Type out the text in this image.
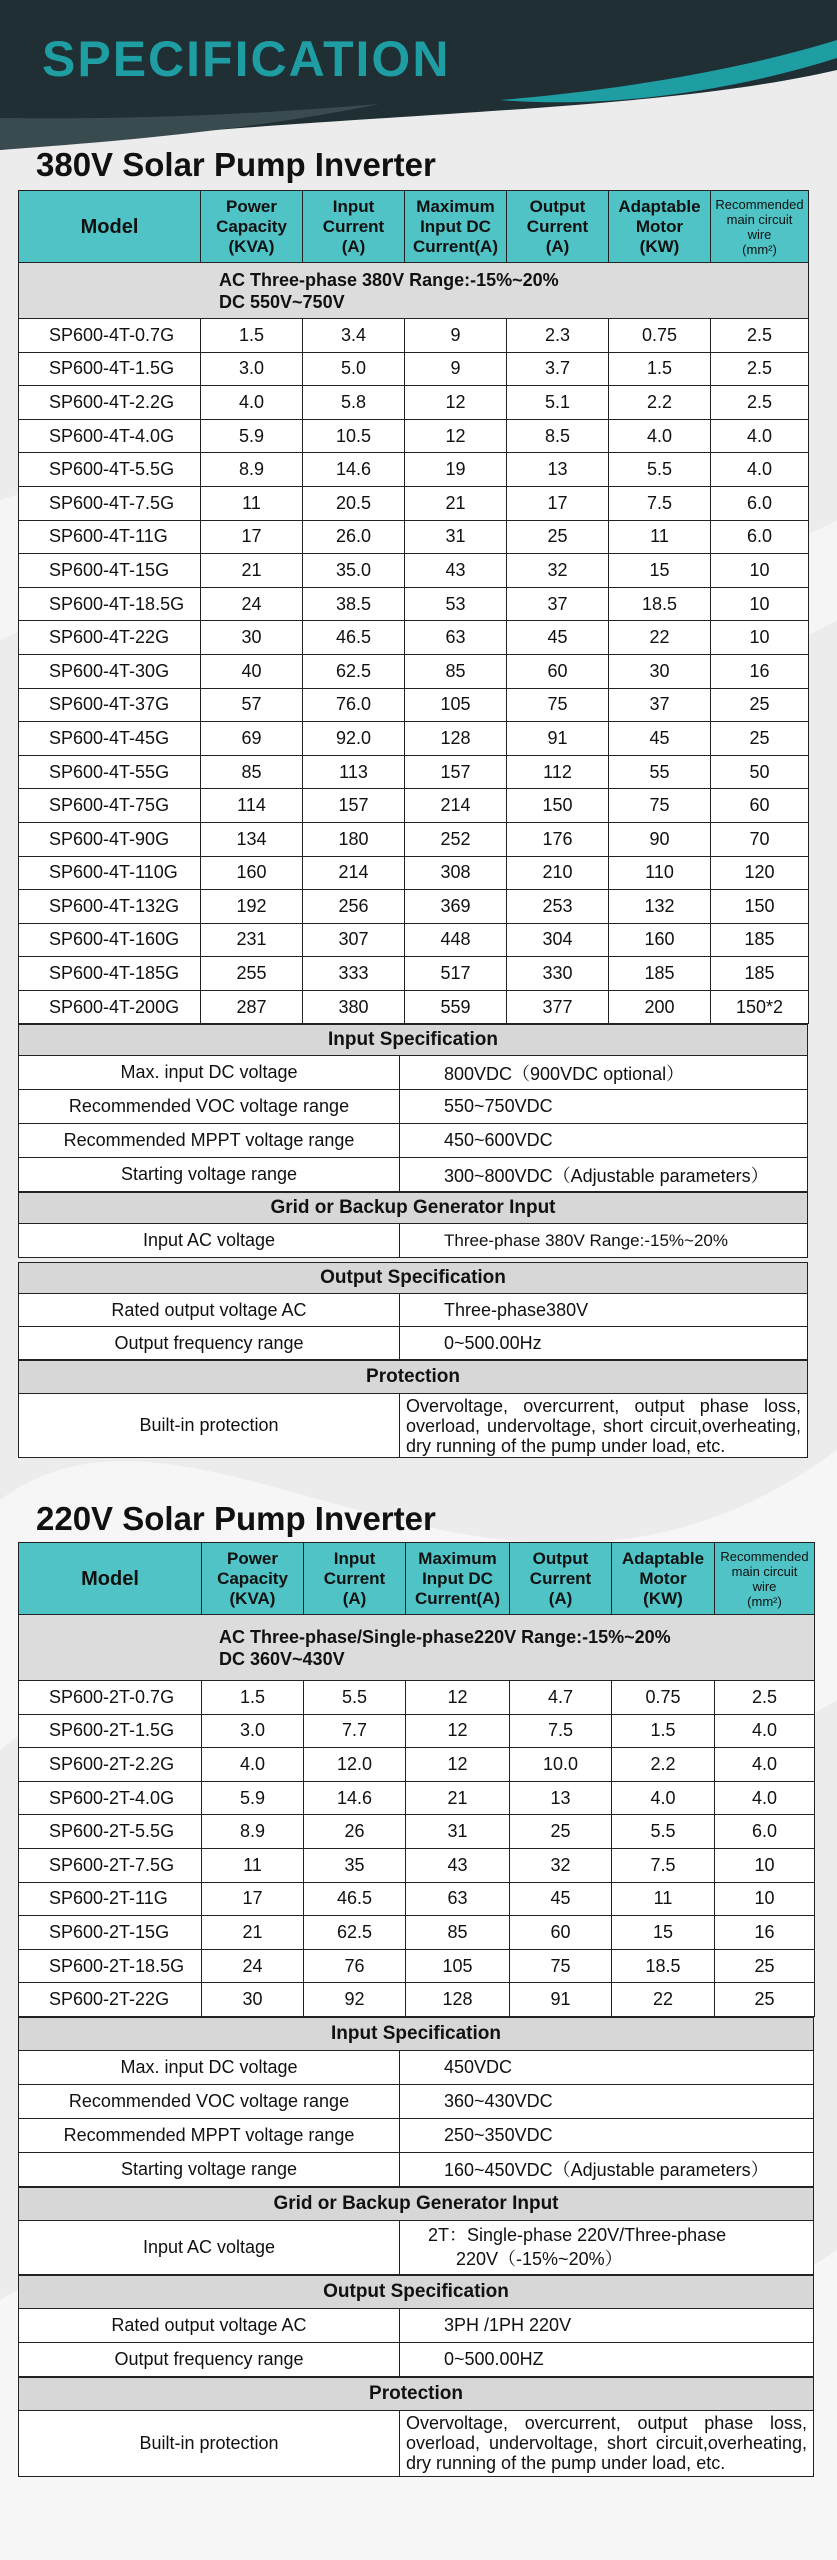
SPECIFICATION
380V Solar Pump Inverter
Model	Power
Capacity
(KVA)	Input
Current
(A)	Maximum
Input DC
Current(A)	Output
Current
(A)	Adaptable
Motor
(KW)	Recommended
main circuit
wire
(mm²)

AC Three-phase 380V Range:-15%~20%
DC 550V~750V						
SP600-4T-0.7G	1.5	3.4	9	2.3	0.75	2.5
SP600-4T-1.5G	3.0	5.0	9	3.7	1.5	2.5
SP600-4T-2.2G	4.0	5.8	12	5.1	2.2	2.5
SP600-4T-4.0G	5.9	10.5	12	8.5	4.0	4.0
SP600-4T-5.5G	8.9	14.6	19	13	5.5	4.0
SP600-4T-7.5G	11	20.5	21	17	7.5	6.0
SP600-4T-11G	17	26.0	31	25	11	6.0
SP600-4T-15G	21	35.0	43	32	15	10
SP600-4T-18.5G	24	38.5	53	37	18.5	10
SP600-4T-22G	30	46.5	63	45	22	10
SP600-4T-30G	40	62.5	85	60	30	16
SP600-4T-37G	57	76.0	105	75	37	25
SP600-4T-45G	69	92.0	128	91	45	25
SP600-4T-55G	85	113	157	112	55	50
SP600-4T-75G	114	157	214	150	75	60
SP600-4T-90G	134	180	252	176	90	70
SP600-4T-110G	160	214	308	210	110	120
SP600-4T-132G	192	256	369	253	132	150
SP600-4T-160G	231	307	448	304	160	185
SP600-4T-185G	255	333	517	330	185	185
SP600-4T-200G	287	380	559	377	200	150*2
Input Specification
Max. input DC voltage	800VDC（900VDC optional）
Recommended VOC voltage range	550~750VDC
Recommended MPPT voltage range	450~600VDC
Starting voltage range	300~800VDC（Adjustable parameters）
Grid or Backup Generator Input
Input AC voltage	Three-phase 380V Range:-15%~20%
Output Specification
Rated output voltage AC	Three-phase380V
Output frequency range	0~500.00Hz
Protection
Built-in protection	Overvoltage, overcurrent, output phase loss, overload, undervoltage, short circuit,overheating, dry running of the pump under load, etc.
220V Solar Pump Inverter
Model	Power
Capacity
(KVA)	Input
Current
(A)	Maximum
Input DC
Current(A)	Output
Current
(A)	Adaptable
Motor
(KW)	Recommended
main circuit
wire
(mm²)

AC Three-phase/Single-phase220V Range:-15%~20%
DC 360V~430V						
SP600-2T-0.7G	1.5	5.5	12	4.7	0.75	2.5
SP600-2T-1.5G	3.0	7.7	12	7.5	1.5	4.0
SP600-2T-2.2G	4.0	12.0	12	10.0	2.2	4.0
SP600-2T-4.0G	5.9	14.6	21	13	4.0	4.0
SP600-2T-5.5G	8.9	26	31	25	5.5	6.0
SP600-2T-7.5G	11	35	43	32	7.5	10
SP600-2T-11G	17	46.5	63	45	11	10
SP600-2T-15G	21	62.5	85	60	15	16
SP600-2T-18.5G	24	76	105	75	18.5	25
SP600-2T-22G	30	92	128	91	22	25
Input Specification
Max. input DC voltage	450VDC
Recommended VOC voltage range	360~430VDC
Recommended MPPT voltage range	250~350VDC
Starting voltage range	160~450VDC（Adjustable parameters）
Grid or Backup Generator Input
Input AC voltage	2T：Single-phase 220V/Three-phase
220V（-15%~20%）
Output Specification
Rated output voltage AC	3PH /1PH 220V
Output frequency range	0~500.00HZ
Protection
Built-in protection	Overvoltage, overcurrent, output phase loss, overload, undervoltage, short circuit,overheating, dry running of the pump under load, etc.
